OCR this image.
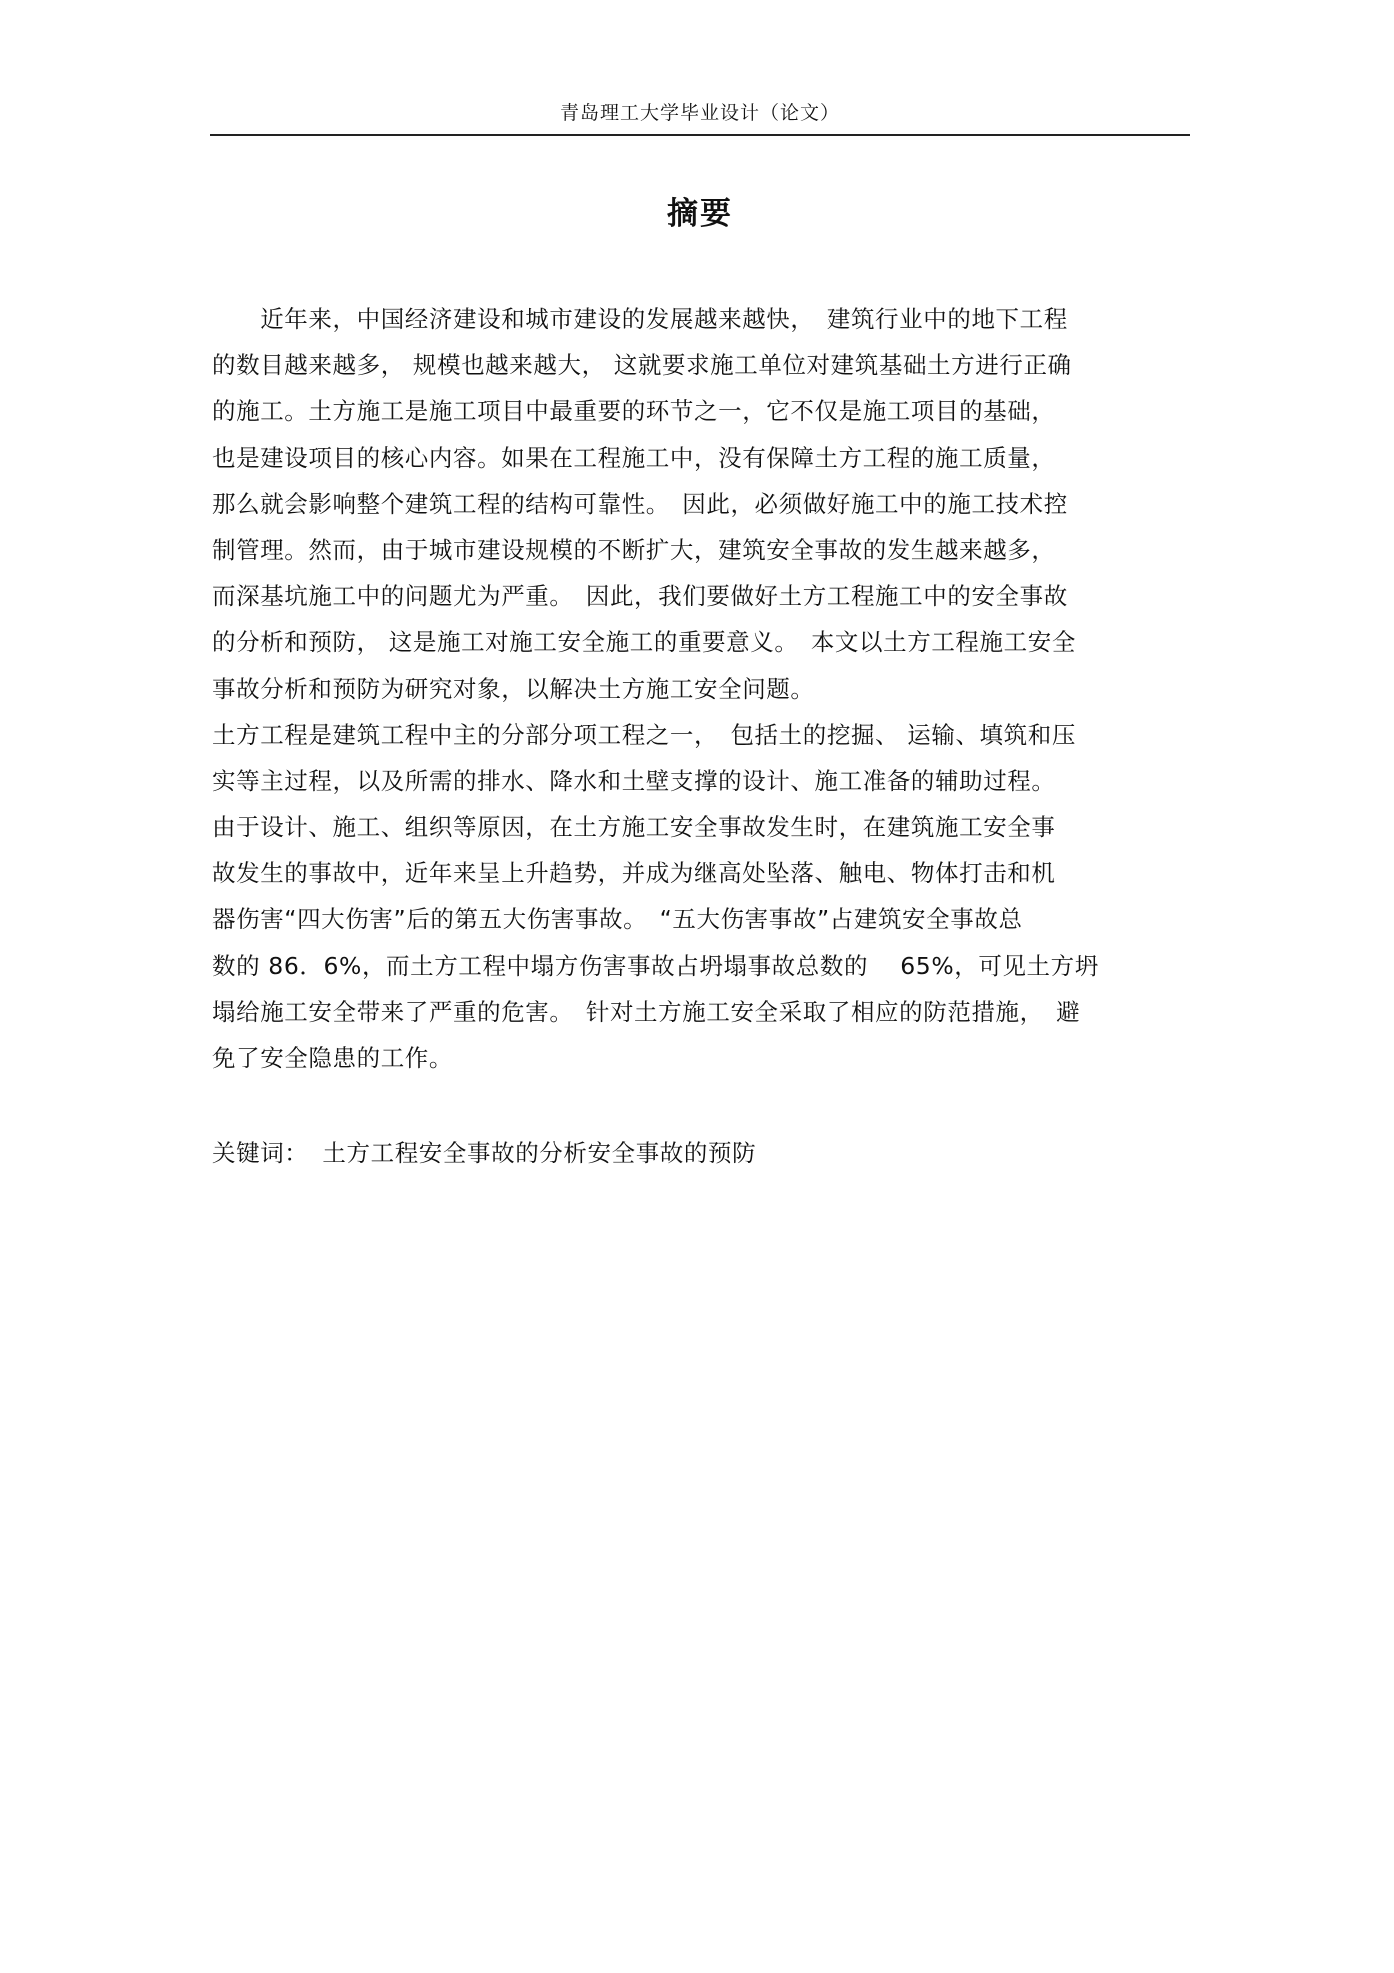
青岛理工大学毕业设计（论文）
摘要
　　近年来，中国经济建设和城市建设的发展越来越快，　建筑行业中的地下工程
的数目越来越多， 规模也越来越大， 这就要求施工单位对建筑基础土方进行正确
的施工。土方施工是施工项目中最重要的环节之一，它不仅是施工项目的基础，
也是建设项目的核心内容。如果在工程施工中，没有保障土方工程的施工质量，
那么就会影响整个建筑工程的结构可靠性。　因此，必须做好施工中的施工技术控
制管理。然而，由于城市建设规模的不断扩大，建筑安全事故的发生越来越多，
而深基坑施工中的问题尤为严重。　因此，我们要做好土方工程施工中的安全事故
的分析和预防， 这是施工对施工安全施工的重要意义。　本文以土方工程施工安全
事故分析和预防为研究对象，以解决土方施工安全问题。
土方工程是建筑工程中主的分部分项工程之一，　包括土的挖掘、 运输、填筑和压
实等主过程，以及所需的排水、降水和土壁支撑的设计、施工准备的辅助过程。
由于设计、施工、组织等原因，在土方施工安全事故发生时，在建筑施工安全事
故发生的事故中，近年来呈上升趋势，并成为继高处坠落、触电、物体打击和机
器伤害“四大伤害”后的第五大伤害事故。　“五大伤害事故”占建筑安全事故总
数的 86．6%，而土方工程中塌方伤害事故占坍塌事故总数的　 65%，可见土方坍
塌给施工安全带来了严重的危害。　针对土方施工安全采取了相应的防范措施，　避
免了安全隐患的工作。
关键词： 土方工程安全事故的分析安全事故的预防
